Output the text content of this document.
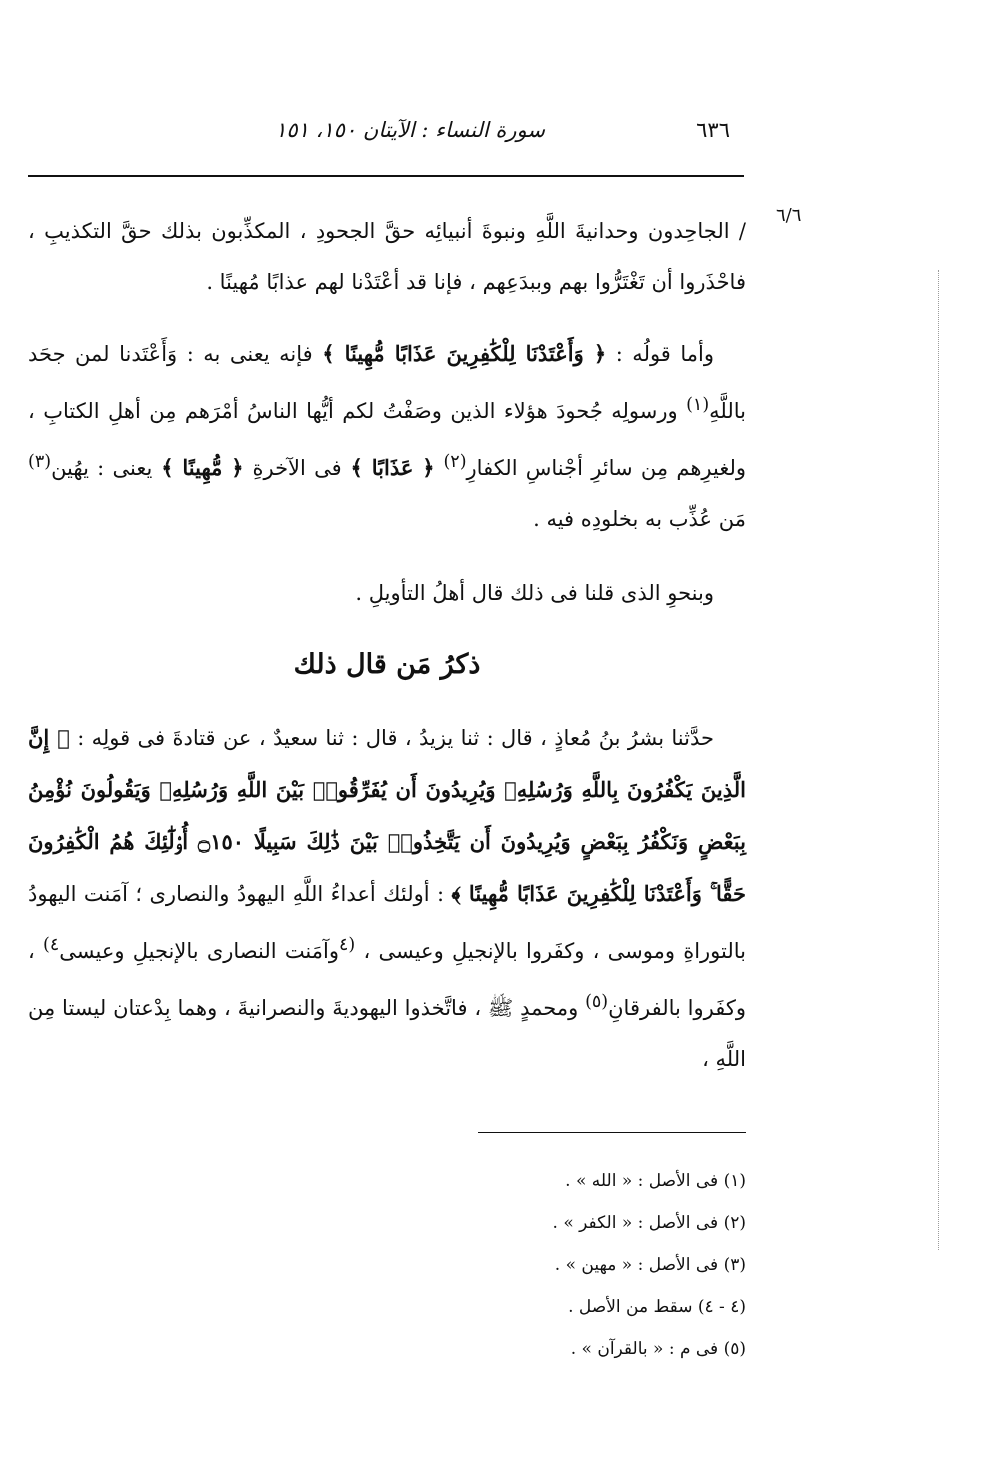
٦٣٦
سورة النساء : الآيتان ١٥٠، ١٥١
٦/٦

/ الجاحِدون وحدانيةَ اللَّهِ ونبوةَ أنبيائِه حقَّ الجحودِ ، المكذِّبون بذلك حقَّ التكذيبِ ، فاحْذَروا أن تَغْتَرُّوا بهم وببدَعِهم ، فإنا قد أعْتَدْنا لهم عذابًا مُهينًا .

وأما قولُه : ﴿ وَأَعْتَدْنَا لِلْكَٰفِرِينَ عَذَابًا مُّهِينًا ﴾ فإنه يعنى به : وَأَعْتَدنا لمن جحَد باللَّهِ$^{(١)}$ ورسولِه جُحودَ هؤلاء الذين وصَفْتُ لكم أيُّها الناسُ أمْرَهم مِن أهلِ الكتابِ ، ولغيرِهم مِن سائرِ أجْناسِ الكفارِ$^{(٢)}$ ﴿ عَذَابًا ﴾ فى الآخرةِ ﴿ مُّهِينًا ﴾ يعنى : يهُين$^{(٣)}$ مَن عُذِّب به بخلودِه فيه .

وبنحوِ الذى قلنا فى ذلك قال أهلُ التأويلِ .

ذكرُ مَن قال ذلك

حدَّثنا بشرُ بنُ مُعاذٍ ، قال : ثنا يزيدُ ، قال : ثنا سعيدٌ ، عن قتادةَ فى قولِه : ﴿ إِنَّ الَّذِينَ يَكْفُرُونَ بِاللَّهِ وَرُسُلِهِۦ وَيُرِيدُونَ أَن يُفَرِّقُوا۟ بَيْنَ اللَّهِ وَرُسُلِهِۦ وَيَقُولُونَ نُؤْمِنُ بِبَعْضٍ وَنَكْفُرُ بِبَعْضٍ وَيُرِيدُونَ أَن يَتَّخِذُوا۟ بَيْنَ ذَٰلِكَ سَبِيلًا ۝١٥٠ أُو۟لَٰٓئِكَ هُمُ الْكَٰفِرُونَ حَقًّا ۚ وَأَعْتَدْنَا لِلْكَٰفِرِينَ عَذَابًا مُّهِينًا ﴾ : أولئك أعداءُ اللَّهِ اليهودُ والنصارى ؛ آمَنت اليهودُ بالتوراةِ وموسى ، وكفَروا بالإنجيلِ وعيسى ، $^{(٤}$وآمَنت النصارى بالإنجيلِ وعيسى$^{٤)}$ ، وكفَروا بالفرقانِ$^{(٥)}$ ومحمدٍ ﷺ ، فاتَّخذوا اليهوديةَ والنصرانيةَ ، وهما بِدْعتان ليستا مِن اللَّهِ ،

(١) فى الأصل : « الله » .
(٢) فى الأصل : « الكفر » .
(٣) فى الأصل : « مهين » .
(٤ - ٤) سقط من الأصل .
(٥) فى م : « بالقرآن » .
